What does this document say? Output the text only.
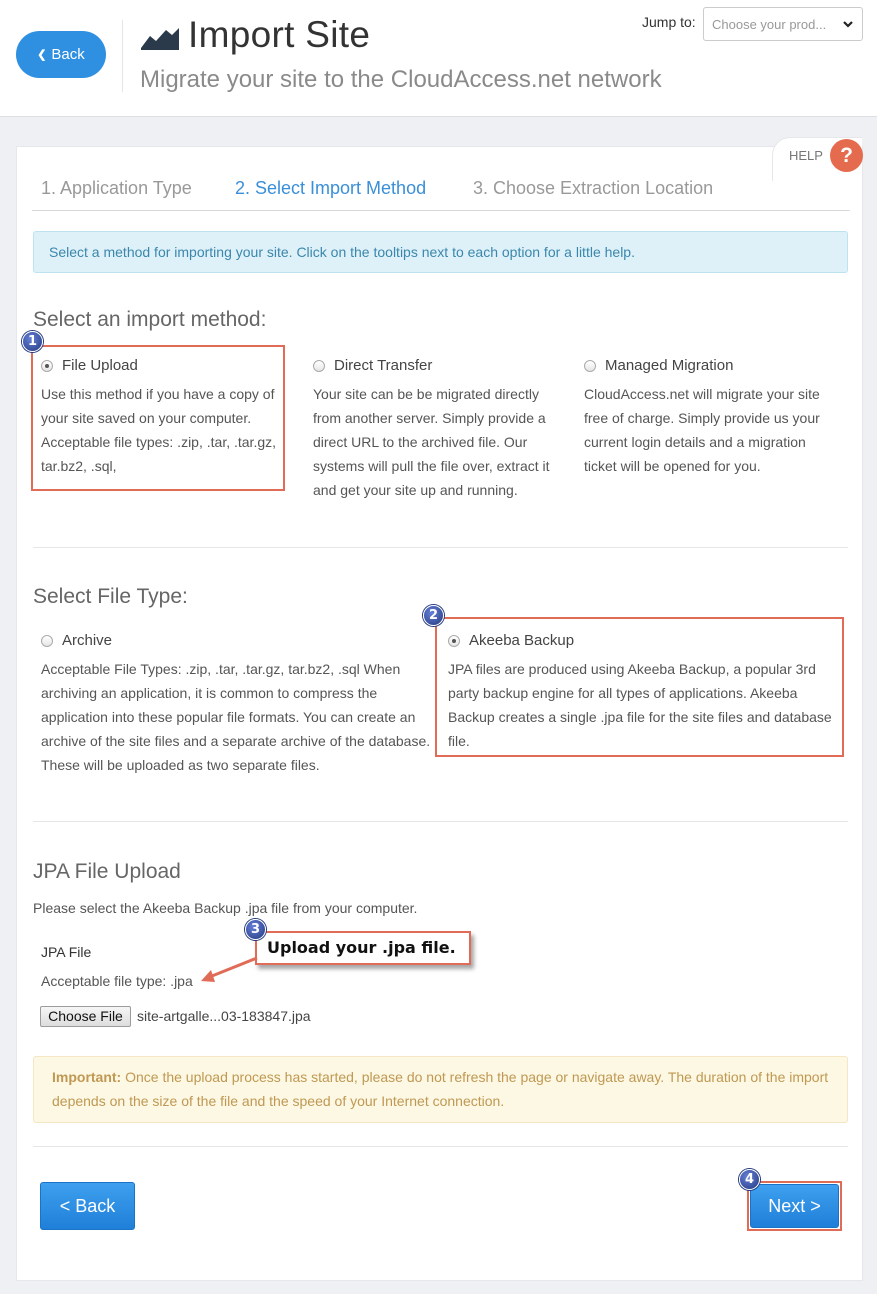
❮ Back	Import Site
Migrate your site to the CloudAccess.net network
Jump to:	Choose your prod...
HELP ?
1. Application Type 2. Select Import Method	3. Choose Extraction Location
Select a method for importing your site. Click on the tooltips next to each option for a little help.
Select an import method:
1
File Upload
Use this method if you have a copy of your site saved on your computer. Acceptable file types: .zip, .tar, .tar.gz, tar.bz2, .sql,
Direct Transfer
Your site can be be migrated directly from another server. Simply provide a direct URL to the archived file. Our systems will pull the file over, extract it and get your site up and running.
Managed Migration
CloudAccess.net will migrate your site free of charge. Simply provide us your current login details and a migration ticket will be opened for you.
Select File Type:
Archive
Acceptable File Types: .zip, .tar, .tar.gz, tar.bz2, .sql When archiving an application, it is common to compress the application into these popular file formats. You can create an archive of the site files and a separate archive of the database. These will be uploaded as two separate files.
2
Akeeba Backup
JPA files are produced using Akeeba Backup, a popular 3rd party backup engine for all types of applications. Akeeba Backup creates a single .jpa file for the site files and database file.
JPA File Upload
Please select the Akeeba Backup .jpa file from your computer.
JPA File
Acceptable file type: .jpa
Choose File	site-artgalle...03-183847.jpa
Upload your .jpa file.
3
Important: Once the upload process has started, please do not refresh the page or navigate away. The duration of the import depends on the size of the file and the speed of your Internet connection.
< Back	Next >
4
